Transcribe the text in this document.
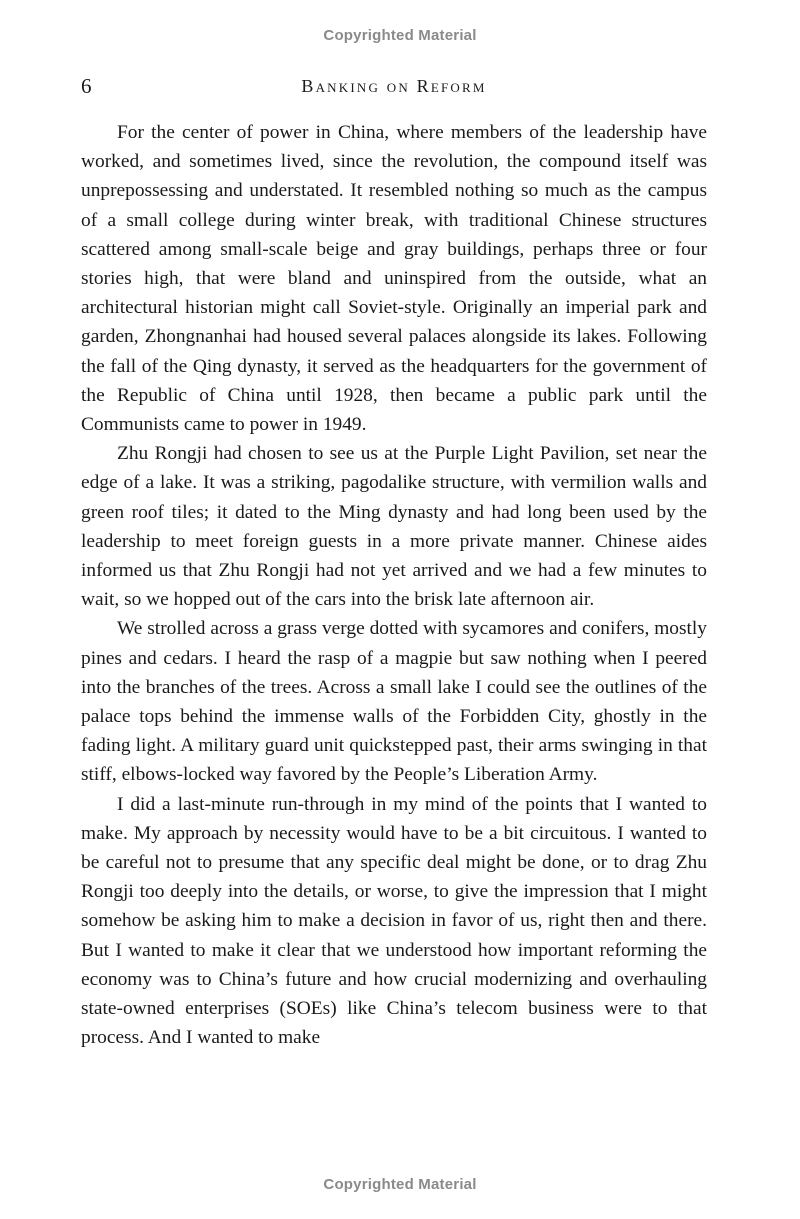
Copyrighted Material
6	Banking on Reform

For the center of power in China, where members of the leadership have worked, and sometimes lived, since the revolution, the compound itself was unprepossessing and understated. It resembled nothing so much as the campus of a small college during winter break, with traditional Chinese structures scattered among small-scale beige and gray buildings, perhaps three or four stories high, that were bland and uninspired from the outside, what an architectural historian might call Soviet-style. Originally an imperial park and garden, Zhongnanhai had housed several palaces alongside its lakes. Following the fall of the Qing dynasty, it served as the headquarters for the government of the Republic of China until 1928, then became a public park until the Communists came to power in 1949.

Zhu Rongji had chosen to see us at the Purple Light Pavilion, set near the edge of a lake. It was a striking, pagodalike structure, with vermilion walls and green roof tiles; it dated to the Ming dynasty and had long been used by the leadership to meet foreign guests in a more private manner. Chinese aides informed us that Zhu Rongji had not yet arrived and we had a few minutes to wait, so we hopped out of the cars into the brisk late afternoon air.

We strolled across a grass verge dotted with sycamores and conifers, mostly pines and cedars. I heard the rasp of a magpie but saw nothing when I peered into the branches of the trees. Across a small lake I could see the outlines of the palace tops behind the immense walls of the Forbidden City, ghostly in the fading light. A military guard unit quickstepped past, their arms swinging in that stiff, elbows-locked way favored by the People’s Liberation Army.

I did a last-minute run-through in my mind of the points that I wanted to make. My approach by necessity would have to be a bit circuitous. I wanted to be careful not to presume that any specific deal might be done, or to drag Zhu Rongji too deeply into the details, or worse, to give the impression that I might somehow be asking him to make a decision in favor of us, right then and there. But I wanted to make it clear that we understood how important reforming the economy was to China’s future and how crucial modernizing and overhauling state-owned enterprises (SOEs) like China’s telecom business were to that process. And I wanted to make

Copyrighted Material
